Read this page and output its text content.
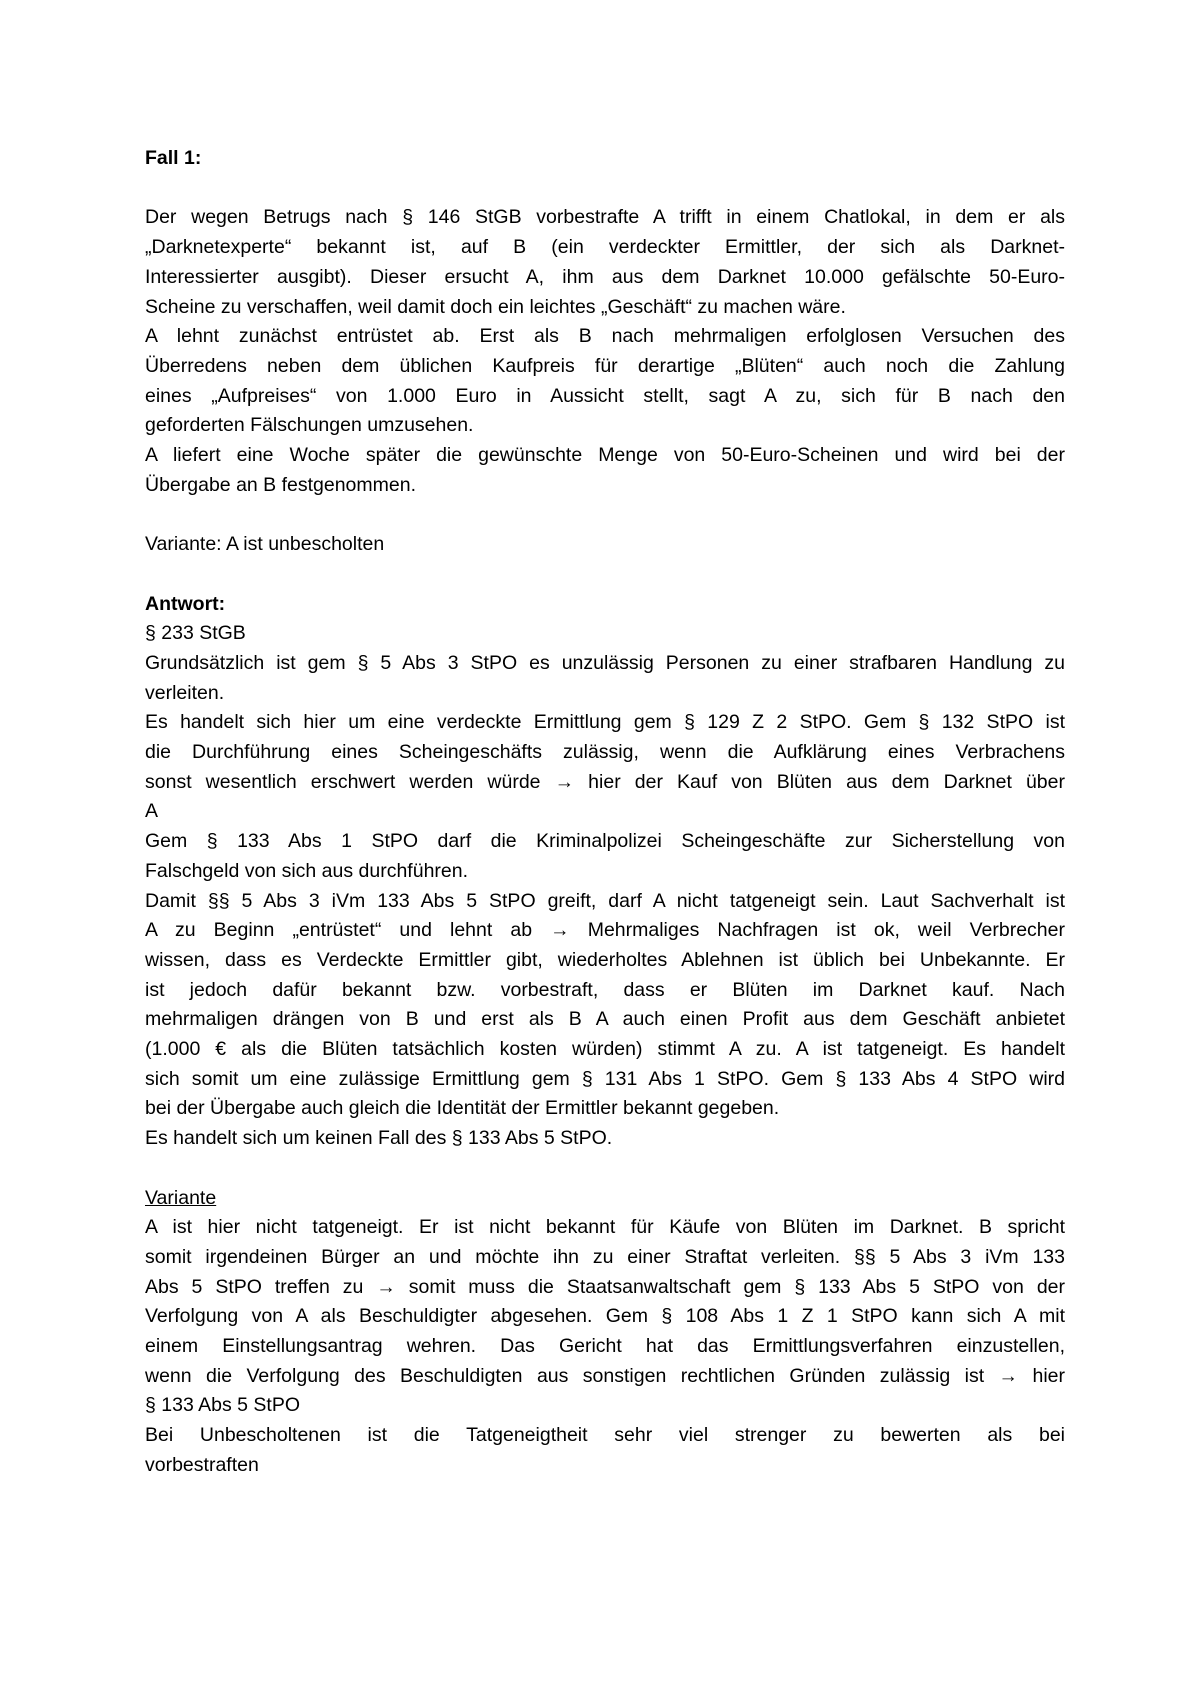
Fall 1:

Der wegen Betrugs nach § 146 StGB vorbestrafte A trifft in einem Chatlokal, in dem er als

„Darknetexperte“ bekannt ist, auf B (ein verdeckter Ermittler, der sich als Darknet-

Interessierter ausgibt). Dieser ersucht A, ihm aus dem Darknet 10.000 gefälschte 50-Euro-

Scheine zu verschaffen, weil damit doch ein leichtes „Geschäft“ zu machen wäre.

A lehnt zunächst entrüstet ab. Erst als B nach mehrmaligen erfolglosen Versuchen des

Überredens neben dem üblichen Kaufpreis für derartige „Blüten“ auch noch die Zahlung

eines „Aufpreises“ von 1.000 Euro in Aussicht stellt, sagt A zu, sich für B nach den

geforderten Fälschungen umzusehen.

A liefert eine Woche später die gewünschte Menge von 50-Euro-Scheinen und wird bei der

Übergabe an B festgenommen.

Variante: A ist unbescholten

Antwort:

§ 233 StGB

Grundsätzlich ist gem § 5 Abs 3 StPO es unzulässig Personen zu einer strafbaren Handlung zu

verleiten.

Es handelt sich hier um eine verdeckte Ermittlung gem § 129 Z 2 StPO. Gem § 132 StPO ist

die Durchführung eines Scheingeschäfts zulässig, wenn die Aufklärung eines Verbrachens

sonst wesentlich erschwert werden würde → hier der Kauf von Blüten aus dem Darknet über

A

Gem § 133 Abs 1 StPO darf die Kriminalpolizei Scheingeschäfte zur Sicherstellung von

Falschgeld von sich aus durchführen.

Damit §§ 5 Abs 3 iVm 133 Abs 5 StPO greift, darf A nicht tatgeneigt sein. Laut Sachverhalt ist

A zu Beginn „entrüstet“ und lehnt ab → Mehrmaliges Nachfragen ist ok, weil Verbrecher

wissen, dass es Verdeckte Ermittler gibt, wiederholtes Ablehnen ist üblich bei Unbekannte. Er

ist jedoch dafür bekannt bzw. vorbestraft, dass er Blüten im Darknet kauf. Nach

mehrmaligen drängen von B und erst als B A auch einen Profit aus dem Geschäft anbietet

(1.000 € als die Blüten tatsächlich kosten würden) stimmt A zu. A ist tatgeneigt. Es handelt

sich somit um eine zulässige Ermittlung gem § 131 Abs 1 StPO. Gem § 133 Abs 4 StPO wird

bei der Übergabe auch gleich die Identität der Ermittler bekannt gegeben.

Es handelt sich um keinen Fall des § 133 Abs 5 StPO.

Variante

A ist hier nicht tatgeneigt. Er ist nicht bekannt für Käufe von Blüten im Darknet. B spricht

somit irgendeinen Bürger an und möchte ihn zu einer Straftat verleiten. §§ 5 Abs 3 iVm 133

Abs 5 StPO treffen zu → somit muss die Staatsanwaltschaft gem § 133 Abs 5 StPO von der

Verfolgung von A als Beschuldigter abgesehen. Gem § 108 Abs 1 Z 1 StPO kann sich A mit

einem Einstellungsantrag wehren. Das Gericht hat das Ermittlungsverfahren einzustellen,

wenn die Verfolgung des Beschuldigten aus sonstigen rechtlichen Gründen zulässig ist → hier

§ 133 Abs 5 StPO

Bei Unbescholtenen ist die Tatgeneigtheit sehr viel strenger zu bewerten als bei

vorbestraften
